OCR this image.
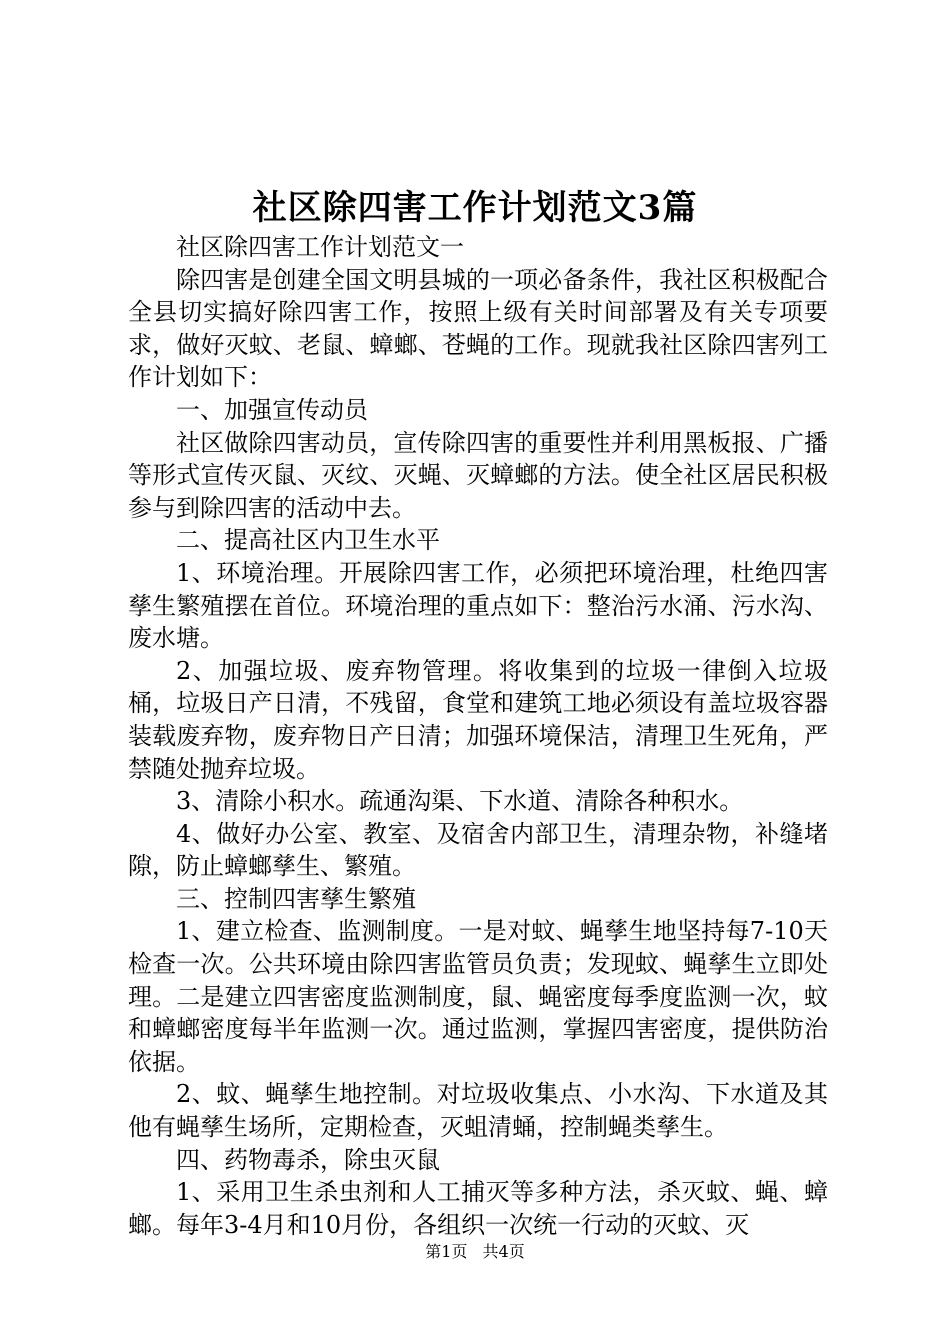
社区除四害工作计划范文3篇

社区除四害工作计划范文一

除四害是创建全国文明县城的一项必备条件，我社区积极配合全县切实搞好除四害工作，按照上级有关时间部署及有关专项要求，做好灭蚊、老鼠、蟑螂、苍蝇的工作。现就我社区除四害列工作计划如下：

一、加强宣传动员

社区做除四害动员，宣传除四害的重要性并利用黑板报、广播等形式宣传灭鼠、灭纹、灭蝇、灭蟑螂的方法。使全社区居民积极参与到除四害的活动中去。

二、提高社区内卫生水平

1、环境治理。开展除四害工作，必须把环境治理，杜绝四害孳生繁殖摆在首位。环境治理的重点如下：整治污水涌、污水沟、废水塘。

2、加强垃圾、废弃物管理。将收集到的垃圾一律倒入垃圾桶，垃圾日产日清，不残留，食堂和建筑工地必须设有盖垃圾容器装载废弃物，废弃物日产日清；加强环境保洁，清理卫生死角，严禁随处抛弃垃圾。

3、清除小积水。疏通沟渠、下水道、清除各种积水。

4、做好办公室、教室、及宿舍内部卫生，清理杂物，补缝堵隙，防止蟑螂孳生、繁殖。

三、控制四害孳生繁殖

1、建立检查、监测制度。一是对蚊、蝇孳生地坚持每7-10天检查一次。公共环境由除四害监管员负责；发现蚊、蝇孳生立即处理。二是建立四害密度监测制度，鼠、蝇密度每季度监测一次，蚊和蟑螂密度每半年监测一次。通过监测，掌握四害密度，提供防治依据。

2、蚊、蝇孳生地控制。对垃圾收集点、小水沟、下水道及其他有蝇孳生场所，定期检查，灭蛆清蛹，控制蝇类孳生。

四、药物毒杀，除虫灭鼠

1、采用卫生杀虫剂和人工捕灭等多种方法，杀灭蚊、蝇、蟑螂。每年3-4月和10月份，各组织一次统一行动的灭蚊、灭

第1页 共4页
